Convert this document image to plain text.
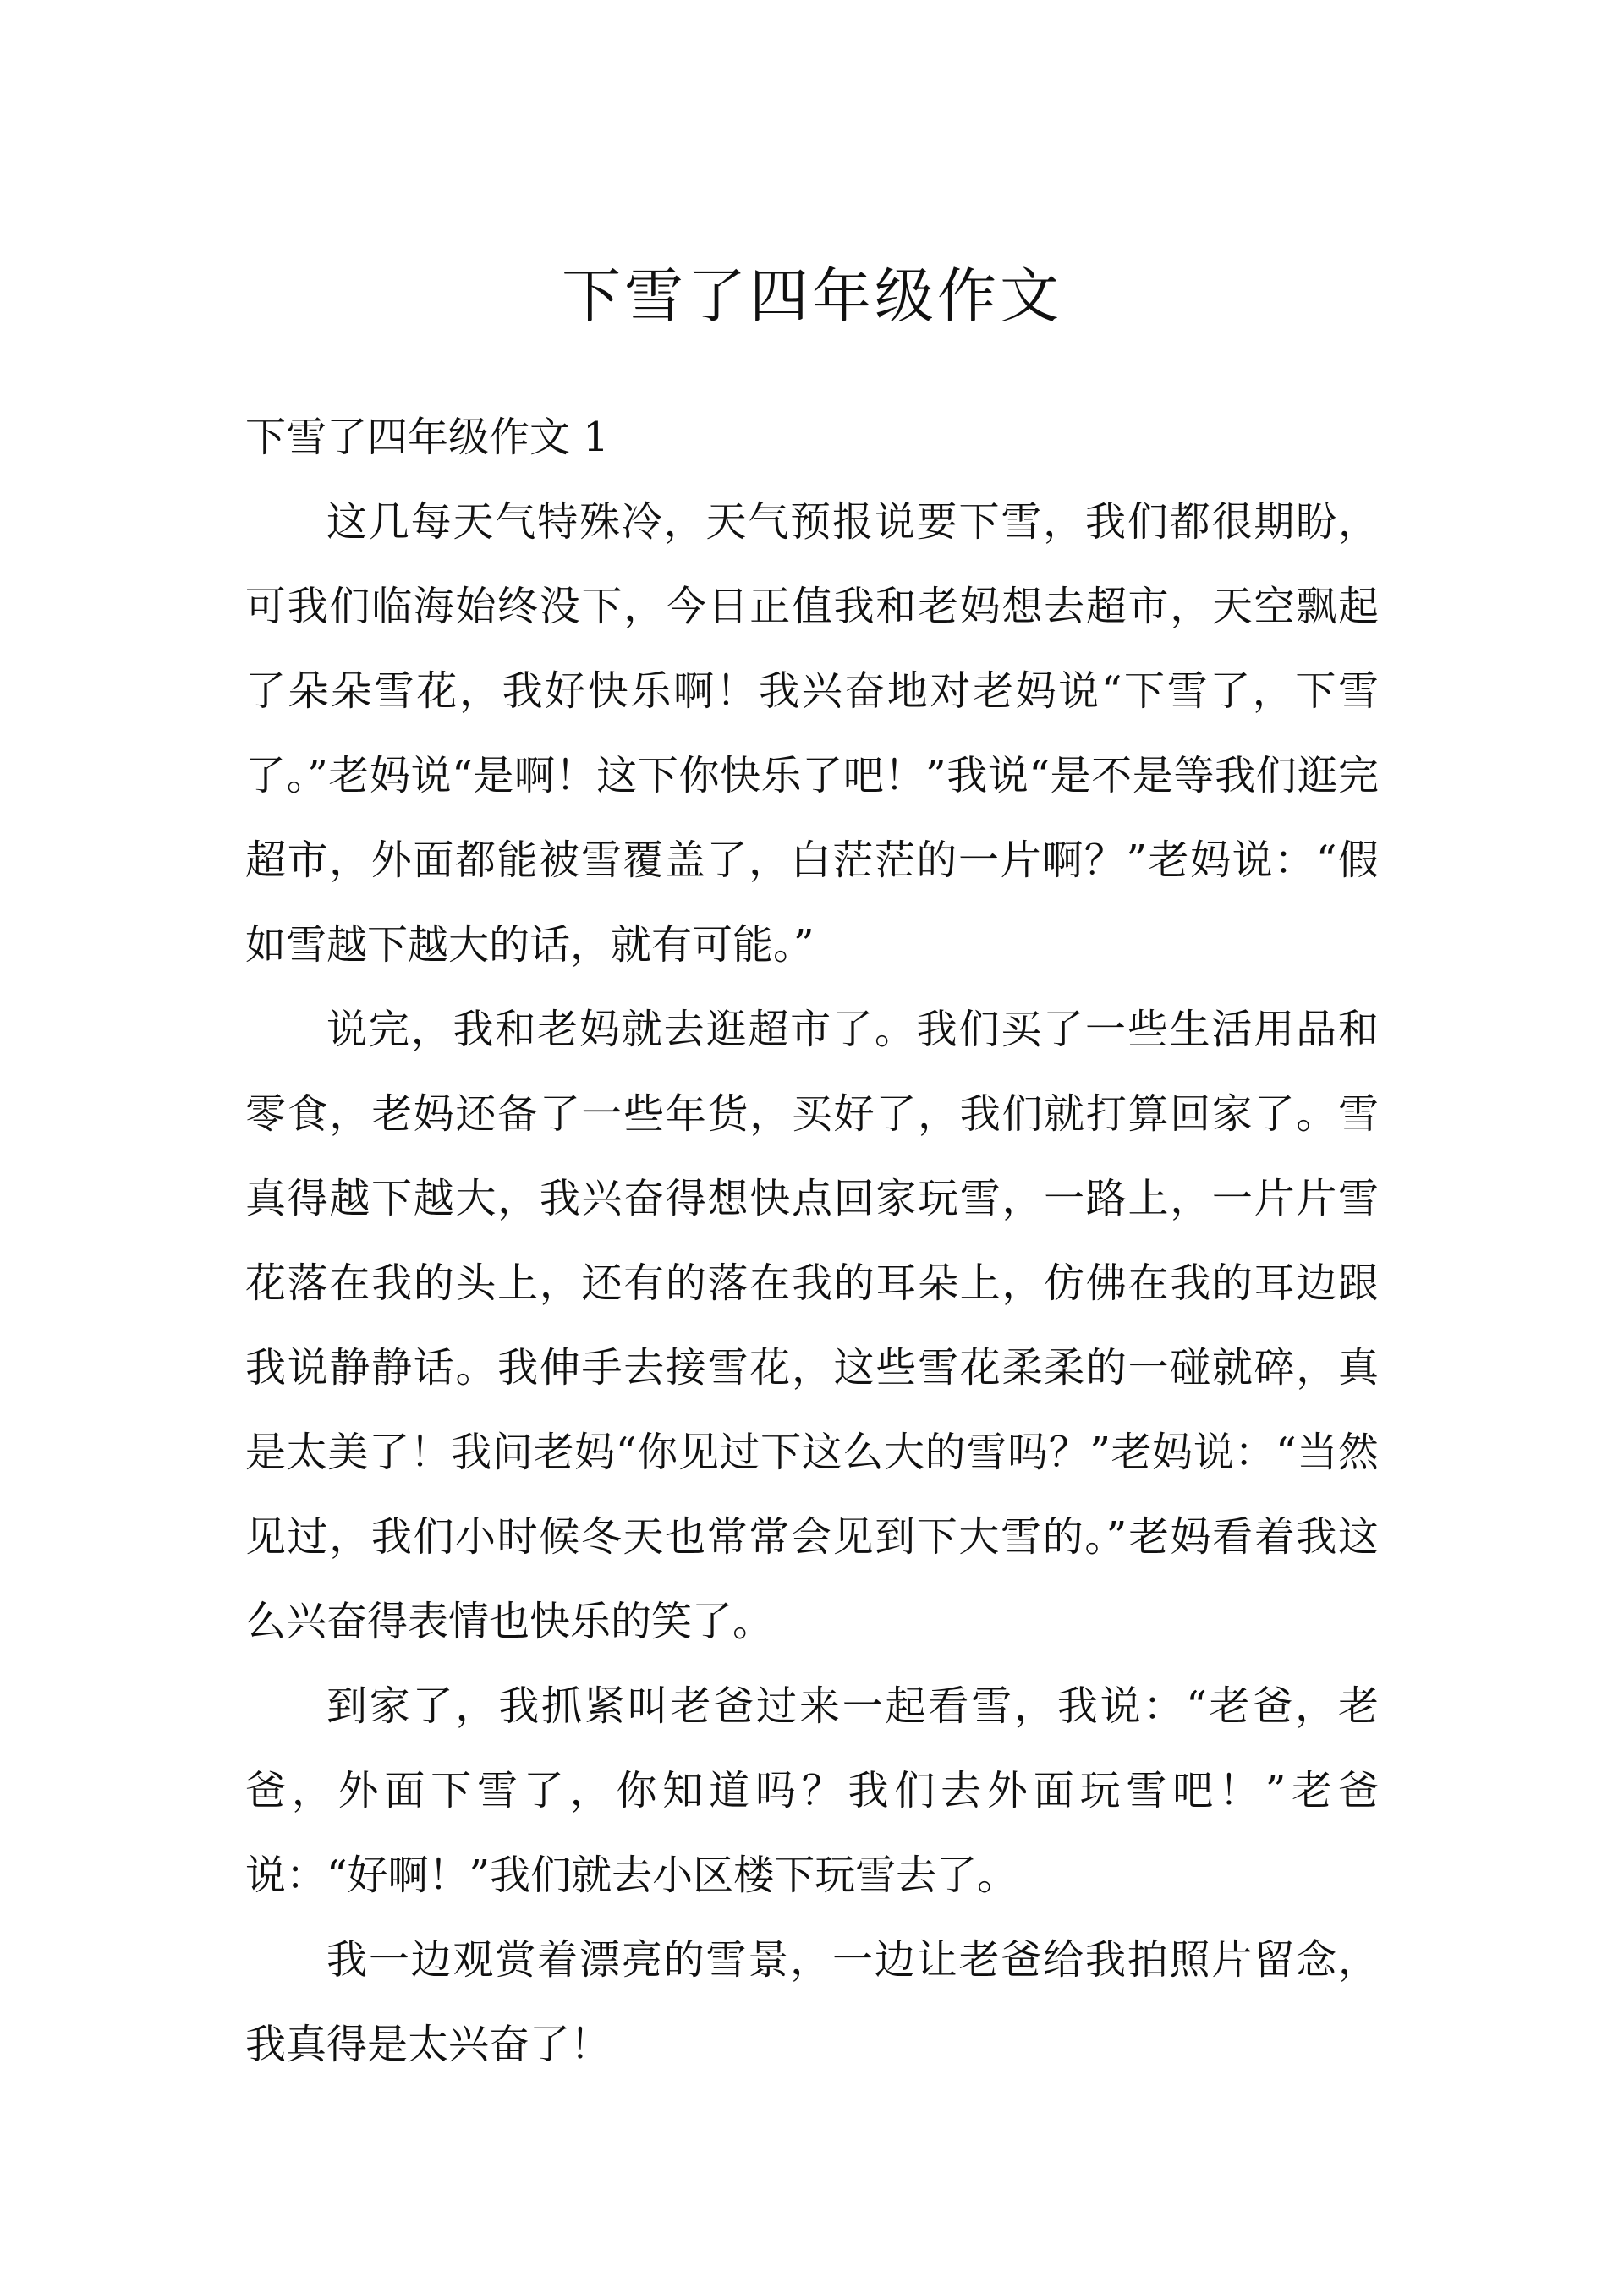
下雪了四年级作文

下雪了四年级作文 1

这几每天气特殊冷，天气预报说要下雪，我们都很期盼，可我们临海始终没下，今日正值我和老妈想去超市，天空飘起了朵朵雪花，我好快乐啊！我兴奋地对老妈说“下雪了，下雪了。”老妈说“是啊！这下你快乐了吧！”我说“是不是等我们逛完超市，外面都能被雪覆盖了，白茫茫的一片啊？”老妈说：“假如雪越下越大的话，就有可能。”

说完，我和老妈就去逛超市了。我们买了一些生活用品和零食，老妈还备了一些年货，买好了，我们就打算回家了。雪真得越下越大，我兴奋得想快点回家玩雪，一路上，一片片雪花落在我的头上，还有的落在我的耳朵上，仿佛在我的耳边跟我说静静话。我伸手去接雪花，这些雪花柔柔的一碰就碎，真是太美了！我问老妈“你见过下这么大的雪吗？”老妈说：“当然见过，我们小时候冬天也常常会见到下大雪的。”老妈看着我这么兴奋得表情也快乐的笑了。

到家了，我抓紧叫老爸过来一起看雪，我说：“老爸，老爸，外面下雪了，你知道吗？我们去外面玩雪吧！”老爸说：“好啊！”我们就去小区楼下玩雪去了。

我一边观赏着漂亮的雪景，一边让老爸给我拍照片留念，我真得是太兴奋了！
